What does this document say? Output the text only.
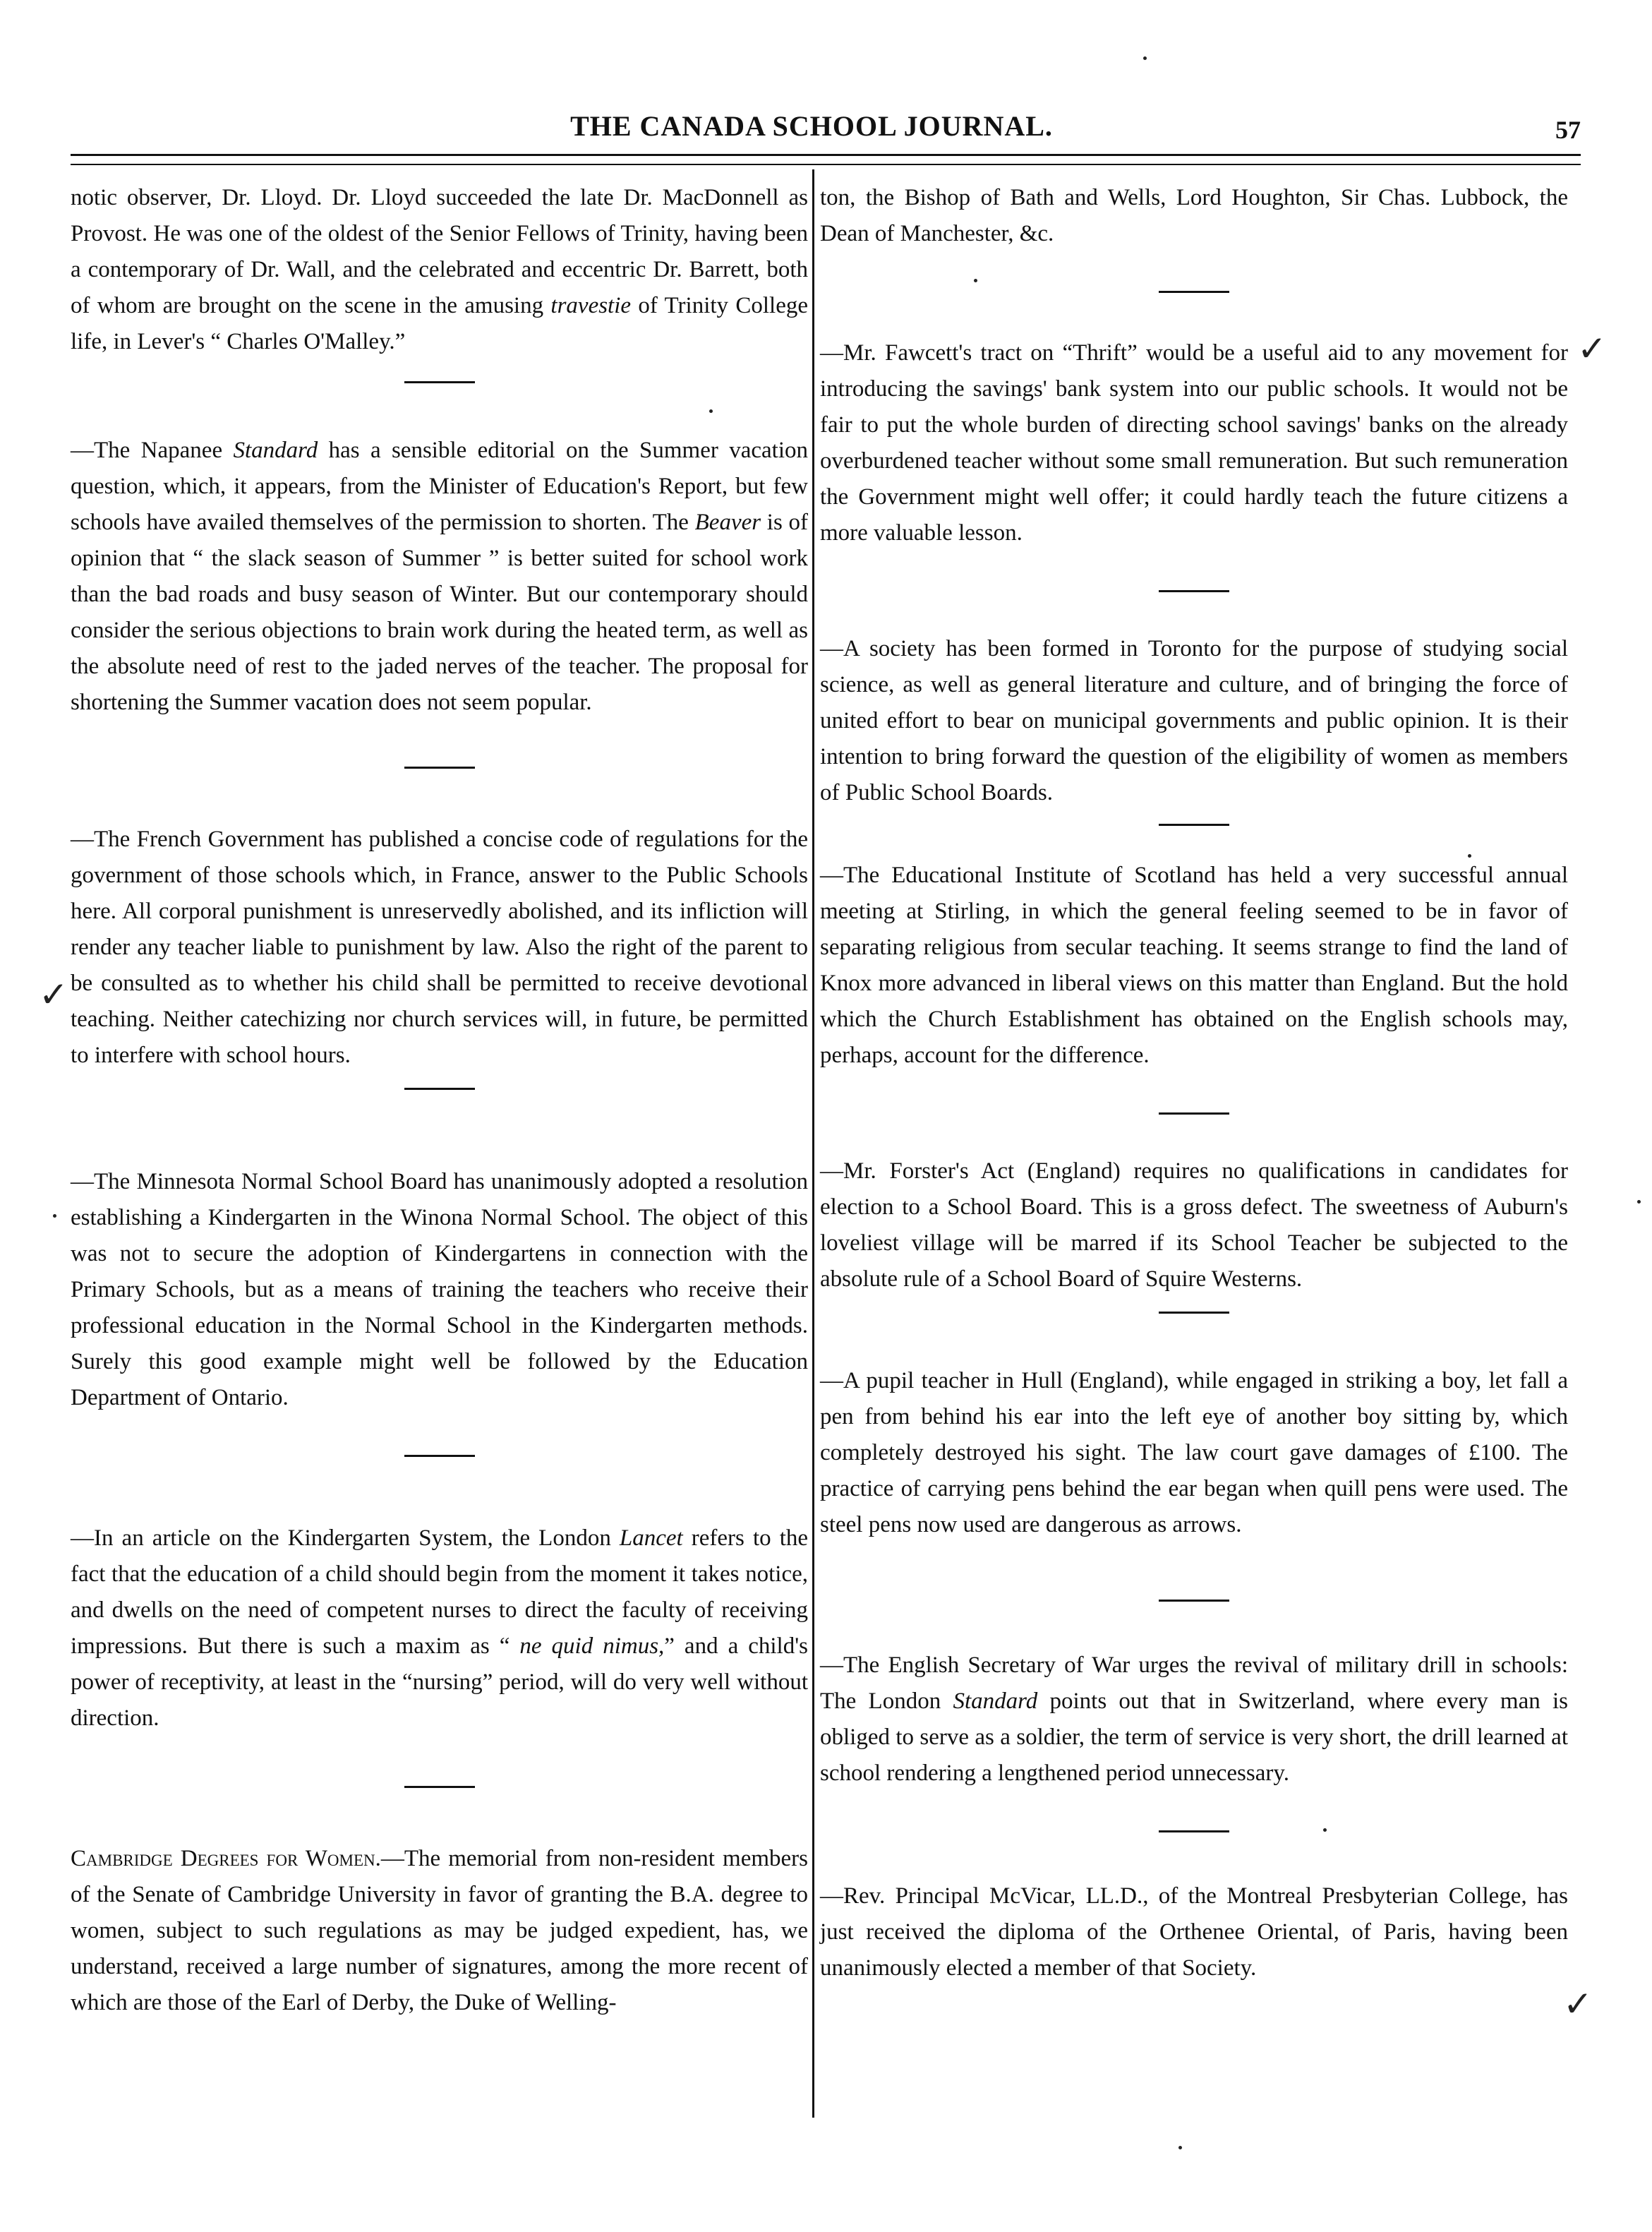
THE CANADA SCHOOL JOURNAL.	57

notic observer, Dr. Lloyd. Dr. Lloyd succeeded the late Dr. MacDonnell as Provost. He was one of the oldest of the Senior Fellows of Trinity, having been a contemporary of Dr. Wall, and the celebrated and eccentric Dr. Barrett, both of whom are brought on the scene in the amusing travestie of Trinity College life, in Lever's “ Charles O'Malley.”

—The Napanee Standard has a sensible editorial on the Summer vacation question, which, it appears, from the Minister of Education's Report, but few schools have availed themselves of the permission to shorten. The Beaver is of opinion that “ the slack season of Summer ” is better suited for school work than the bad roads and busy season of Winter. But our contemporary should consider the serious objections to brain work during the heated term, as well as the absolute need of rest to the jaded nerves of the teacher. The proposal for shortening the Summer vacation does not seem popular.

—The French Government has published a concise code of regulations for the government of those schools which, in France, answer to the Public Schools here. All corporal punishment is unreservedly abolished, and its infliction will render any teacher liable to punishment by law. Also the right of the parent to be consulted as to whether his child shall be permitted to receive devotional teaching. Neither catechizing nor church services will, in future, be permitted to interfere with school hours.

—The Minnesota Normal School Board has unanimously adopted a resolution establishing a Kindergarten in the Winona Normal School. The object of this was not to secure the adoption of Kindergartens in connection with the Primary Schools, but as a means of training the teachers who receive their professional education in the Normal School in the Kindergarten methods. Surely this good example might well be followed by the Education Department of Ontario.

—In an article on the Kindergarten System, the London Lancet refers to the fact that the education of a child should begin from the moment it takes notice, and dwells on the need of competent nurses to direct the faculty of receiving impressions. But there is such a maxim as “ ne quid nimus,” and a child's power of receptivity, at least in the “nursing” period, will do very well without direction.

Cambridge Degrees for Women.—The memorial from non-resident members of the Senate of Cambridge University in favor of granting the B.A. degree to women, subject to such regulations as may be judged expedient, has, we understand, received a large number of signatures, among the more recent of which are those of the Earl of Derby, the Duke of Welling-

ton, the Bishop of Bath and Wells, Lord Houghton, Sir Chas. Lubbock, the Dean of Manchester, &c.

—Mr. Fawcett's tract on “Thrift” would be a useful aid to any movement for introducing the savings' bank system into our public schools. It would not be fair to put the whole burden of directing school savings' banks on the already overburdened teacher without some small remuneration. But such remuneration the Government might well offer; it could hardly teach the future citizens a more valuable lesson.

—A society has been formed in Toronto for the purpose of studying social science, as well as general literature and culture, and of bringing the force of united effort to bear on municipal governments and public opinion. It is their intention to bring forward the question of the eligibility of women as members of Public School Boards.

—The Educational Institute of Scotland has held a very successful annual meeting at Stirling, in which the general feeling seemed to be in favor of separating religious from secular teaching. It seems strange to find the land of Knox more advanced in liberal views on this matter than England. But the hold which the Church Establishment has obtained on the English schools may, perhaps, account for the difference.

—Mr. Forster's Act (England) requires no qualifications in candidates for election to a School Board. This is a gross defect. The sweetness of Auburn's loveliest village will be marred if its School Teacher be subjected to the absolute rule of a School Board of Squire Westerns.

—A pupil teacher in Hull (England), while engaged in striking a boy, let fall a pen from behind his ear into the left eye of another boy sitting by, which completely destroyed his sight. The law court gave damages of £100. The practice of carrying pens behind the ear began when quill pens were used. The steel pens now used are dangerous as arrows.

—The English Secretary of War urges the revival of military drill in schools: The London Standard points out that in Switzerland, where every man is obliged to serve as a soldier, the term of service is very short, the drill learned at school rendering a lengthened period unnecessary.

—Rev. Principal McVicar, LL.D., of the Montreal Presbyterian College, has just received the diploma of the Orthenee Oriental, of Paris, having been unanimously elected a member of that Society.

✓
✓
✓
